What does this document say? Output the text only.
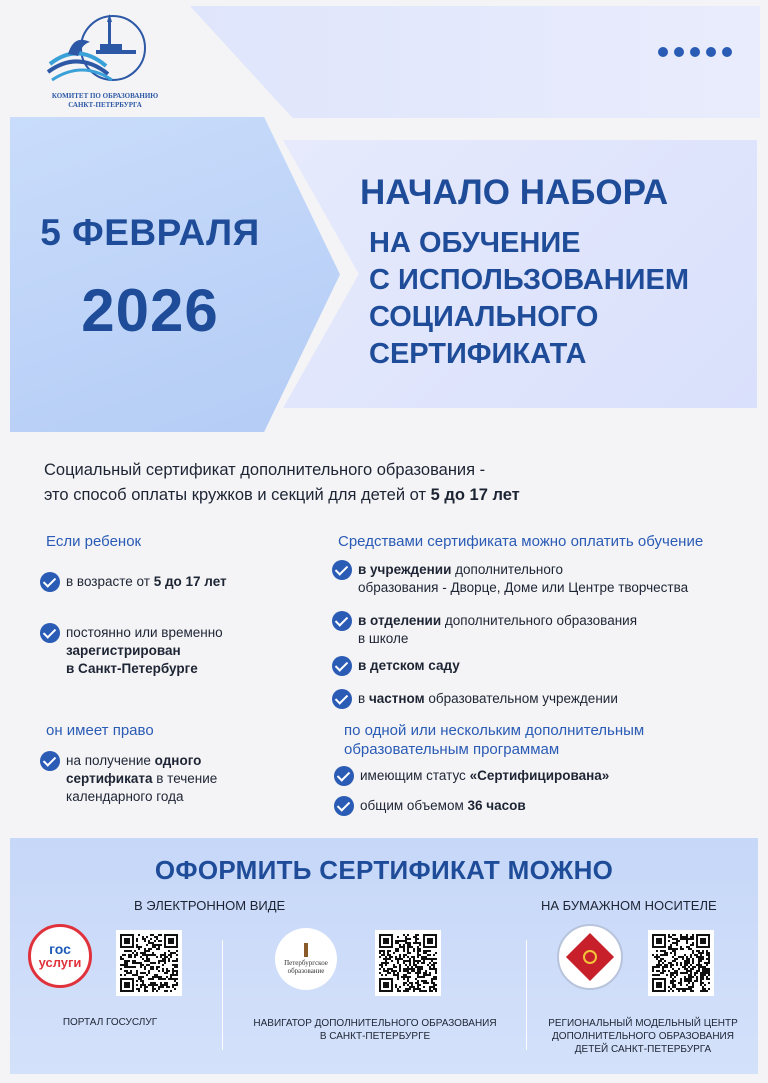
КОМИТЕТ ПО ОБРАЗОВАНИЮ
САНКТ-ПЕТЕРБУРГА
5 ФЕВРАЛЯ
2026
НАЧАЛО НАБОРА
НА ОБУЧЕНИЕ
С ИСПОЛЬЗОВАНИЕМ
СОЦИАЛЬНОГО
СЕРТИФИКАТА
Социальный сертификат дополнительного образования -
это способ оплаты кружков и секций для детей от 5 до 17 лет
Если ребенок
в возрасте от 5 до 17 лет
постоянно или временно
зарегистрирован
в Санкт-Петербурге
он имеет право
на получение одного
сертификата в течение
календарного года
Средствами сертификата можно оплатить обучение
в учреждении дополнительного
образования - Дворце, Доме или Центре творчества
в отделении дополнительного образования
в школе
в детском саду
в частном образовательном учреждении
по одной или нескольким дополнительным
образовательным программам
имеющим статус «Сертифицирована»
общим объемом 36 часов
ОФОРМИТЬ СЕРТИФИКАТ МОЖНО
В ЭЛЕКТРОННОМ ВИДЕ	НА БУМАЖНОМ НОСИТЕЛЕ
гос
услуги	Петербургское
образование
ПОРТАЛ ГОСУСЛУГ	НАВИГАТОР ДОПОЛНИТЕЛЬНОГО ОБРАЗОВАНИЯ
В САНКТ-ПЕТЕРБУРГЕ
РЕГИОНАЛЬНЫЙ МОДЕЛЬНЫЙ ЦЕНТР
ДОПОЛНИТЕЛЬНОГО ОБРАЗОВАНИЯ
ДЕТЕЙ САНКТ-ПЕТЕРБУРГА
